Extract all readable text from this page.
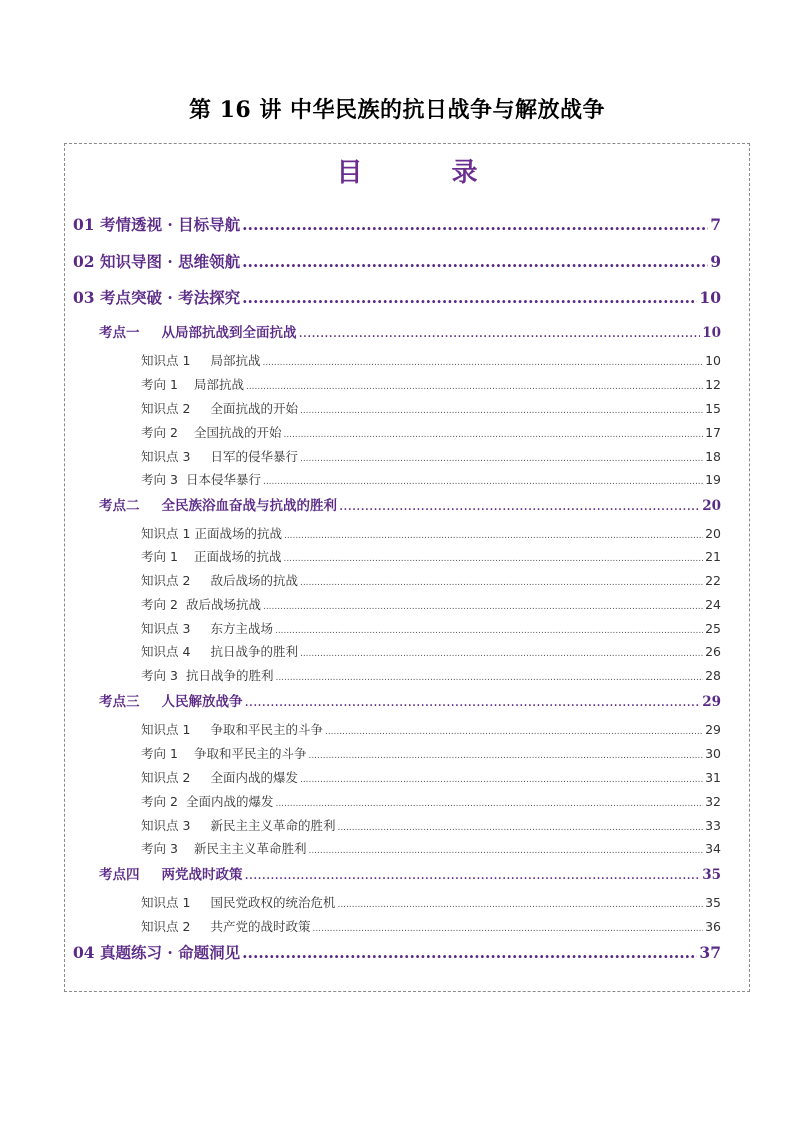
第 16 讲 中华民族的抗日战争与解放战争
目 录
01 考情透视 · 目标导航 .....	7
02 知识导图 · 思维领航 .....	9
03 考点突破 · 考法探究 .....	10
考点一 从局部抗战到全面抗战 .....	10
知识点 1 局部抗战 .....	10
考向 1 局部抗战 .....	12
知识点 2 全面抗战的开始 .....	15
考向 2 全国抗战的开始 .....	17
知识点 3 日军的侵华暴行 .....	18
考向 3 日本侵华暴行 .....	19
考点二 全民族浴血奋战与抗战的胜利 .....	20
知识点 1 正面战场的抗战 .....	20
考向 1 正面战场的抗战 .....	21
知识点 2 敌后战场的抗战 .....	22
考向 2 敌后战场抗战 .....	24
知识点 3 东方主战场 .....	25
知识点 4 抗日战争的胜利 .....	26
考向 3 抗日战争的胜利 .....	28
考点三 人民解放战争 .....	29
知识点 1 争取和平民主的斗争 .....	29
考向 1 争取和平民主的斗争 .....	30
知识点 2 全面内战的爆发 .....	31
考向 2 全面内战的爆发 .....	32
知识点 3 新民主主义革命的胜利 .....	33
考向 3 新民主主义革命胜利 .....	34
考点四 两党战时政策 .....	35
知识点 1 国民党政权的统治危机 .....	35
知识点 2 共产党的战时政策 .....	36
04 真题练习 · 命题洞见 .....	37
